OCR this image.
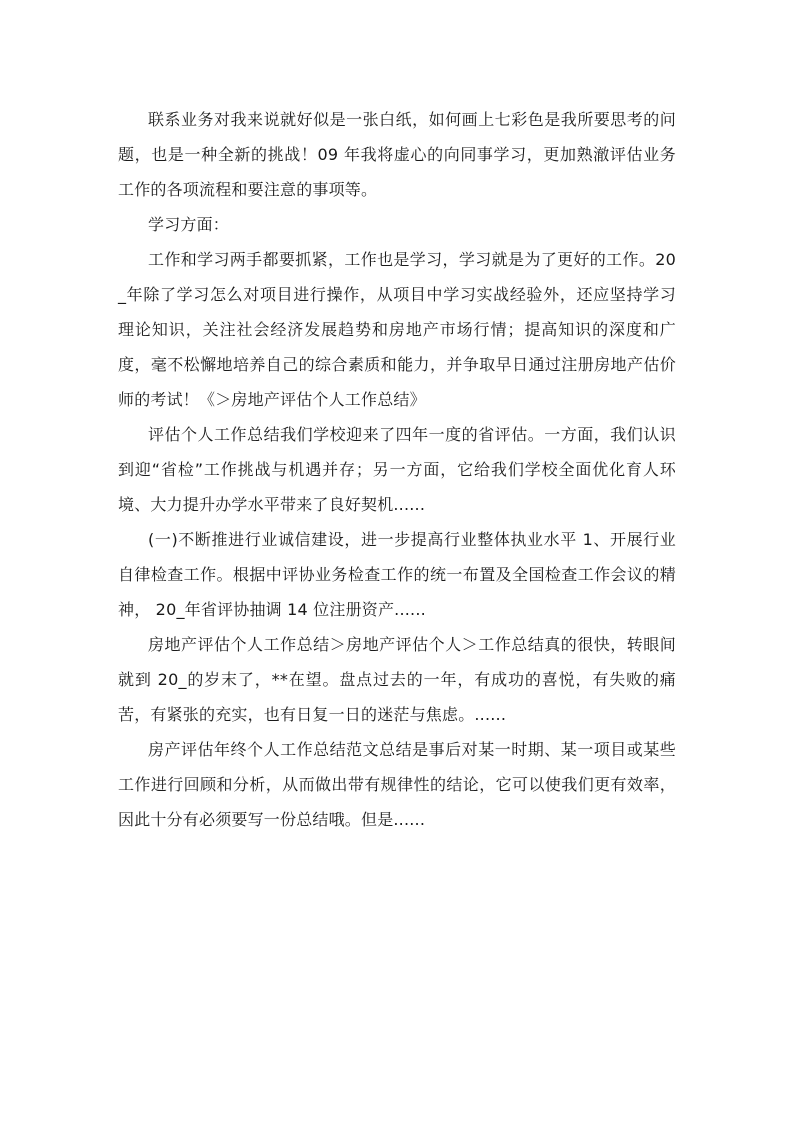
联系业务对我来说就好似是一张白纸，如何画上七彩色是我所要思考的问题，也是一种全新的挑战！09 年我将虚心的向同事学习，更加熟澈评估业务工作的各项流程和要注意的事项等。

学习方面：

工作和学习两手都要抓紧，工作也是学习，学习就是为了更好的工作。20_年除了学习怎么对项目进行操作，从项目中学习实战经验外，还应坚持学习理论知识，关注社会经济发展趋势和房地产市场行情；提高知识的深度和广度，毫不松懈地培养自己的综合素质和能力，并争取早日通过注册房地产估价师的考试！《＞房地产评估个人工作总结》

评估个人工作总结我们学校迎来了四年一度的省评估。一方面，我们认识到迎“省检”工作挑战与机遇并存；另一方面，它给我们学校全面优化育人环境、大力提升办学水平带来了良好契机......

(一)不断推进行业诚信建设，进一步提高行业整体执业水平 1、开展行业自律检查工作。根据中评协业务检查工作的统一布置及全国检查工作会议的精神， 20_年省评协抽调 14 位注册资产......

房地产评估个人工作总结＞房地产评估个人＞工作总结真的很快，转眼间就到 20_的岁末了，**在望。盘点过去的一年，有成功的喜悦，有失败的痛苦，有紧张的充实，也有日复一日的迷茫与焦虑。......

房产评估年终个人工作总结范文总结是事后对某一时期、某一项目或某些工作进行回顾和分析，从而做出带有规律性的结论，它可以使我们更有效率，因此十分有必须要写一份总结哦。但是......
